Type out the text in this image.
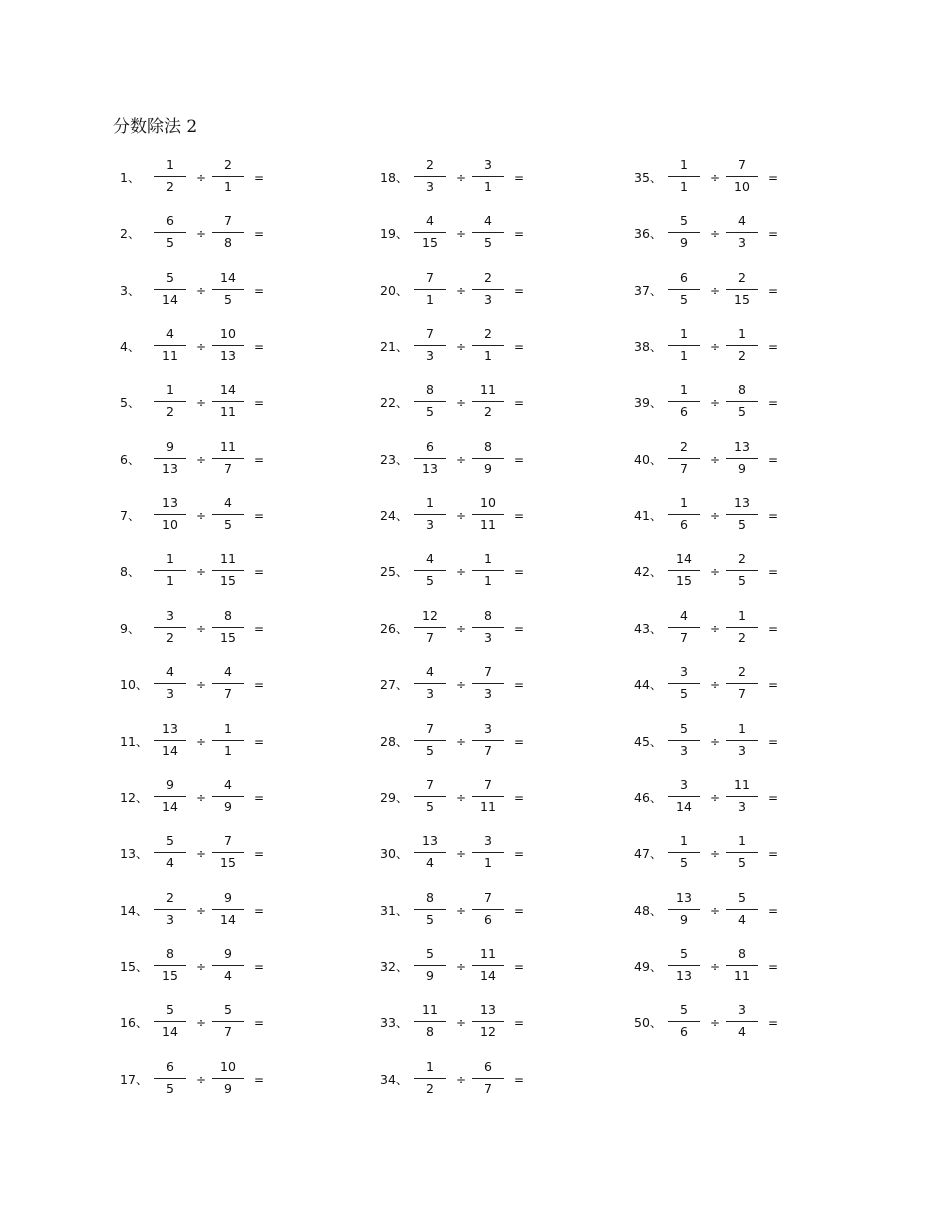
分数除法 2
1、
1
2
÷
2
1
=
2、
6
5
÷
7
8
=
3、
5
14
÷
14
5
=
4、
4
11
÷
10
13
=
5、
1
2
÷
14
11
=
6、
9
13
÷
11
7
=
7、
13
10
÷
4
5
=
8、
1
1
÷
11
15
=
9、
3
2
÷
8
15
=
10、
4
3
÷
4
7
=
11、
13
14
÷
1
1
=
12、
9
14
÷
4
9
=
13、
5
4
÷
7
15
=
14、
2
3
÷
9
14
=
15、
8
15
÷
9
4
=
16、
5
14
÷
5
7
=
17、
6
5
÷
10
9
=
18、
2
3
÷
3
1
=
19、
4
15
÷
4
5
=
20、
7
1
÷
2
3
=
21、
7
3
÷
2
1
=
22、
8
5
÷
11
2
=
23、
6
13
÷
8
9
=
24、
1
3
÷
10
11
=
25、
4
5
÷
1
1
=
26、
12
7
÷
8
3
=
27、
4
3
÷
7
3
=
28、
7
5
÷
3
7
=
29、
7
5
÷
7
11
=
30、
13
4
÷
3
1
=
31、
8
5
÷
7
6
=
32、
5
9
÷
11
14
=
33、
11
8
÷
13
12
=
34、
1
2
÷
6
7
=
35、
1
1
÷
7
10
=
36、
5
9
÷
4
3
=
37、
6
5
÷
2
15
=
38、
1
1
÷
1
2
=
39、
1
6
÷
8
5
=
40、
2
7
÷
13
9
=
41、
1
6
÷
13
5
=
42、
14
15
÷
2
5
=
43、
4
7
÷
1
2
=
44、
3
5
÷
2
7
=
45、
5
3
÷
1
3
=
46、
3
14
÷
11
3
=
47、
1
5
÷
1
5
=
48、
13
9
÷
5
4
=
49、
5
13
÷
8
11
=
50、
5
6
÷
3
4
=
